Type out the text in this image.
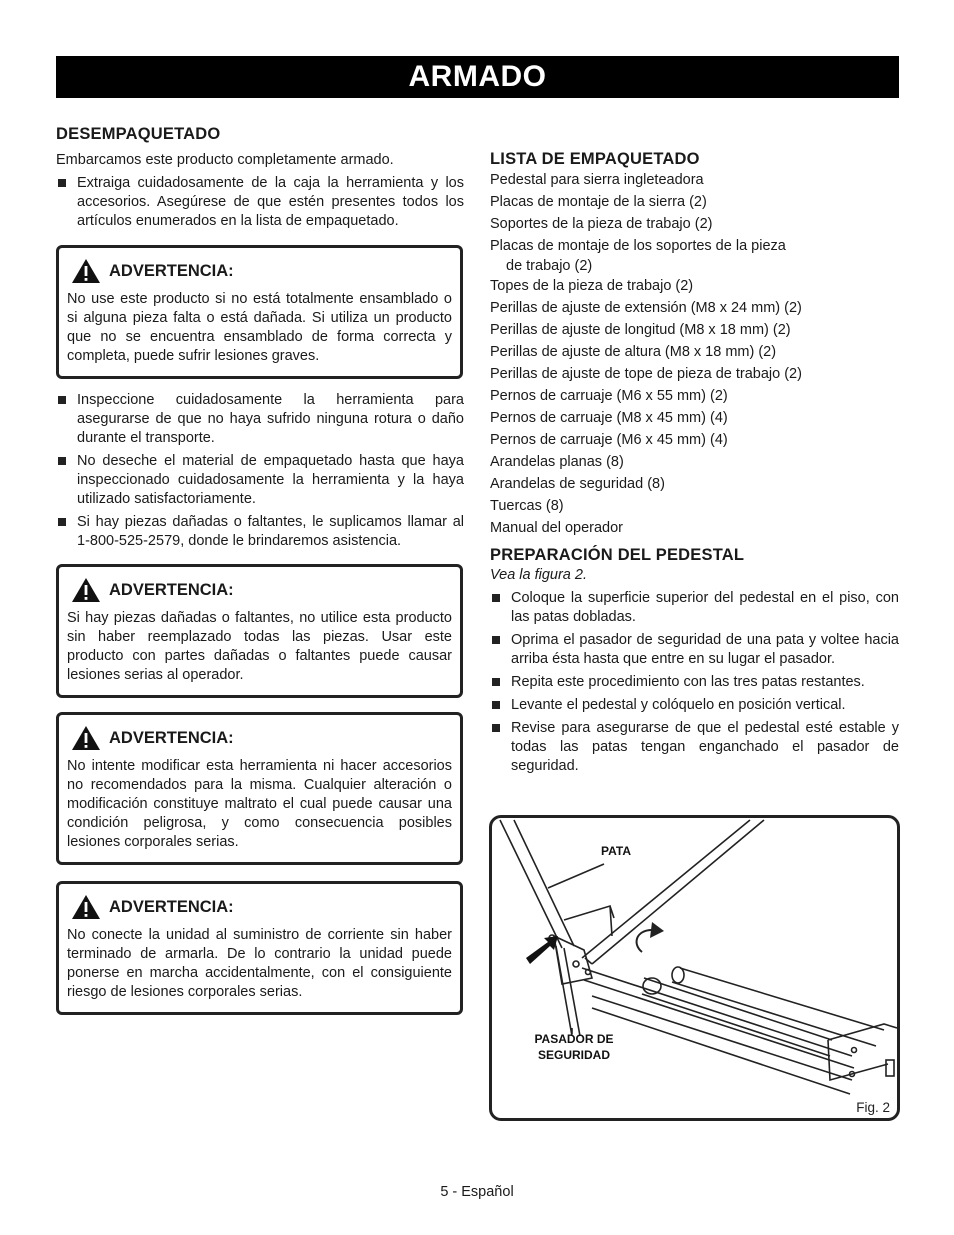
ARMADO
DESEMPAQUETADO

Embarcamos este producto completamente armado.

Extraiga cuidadosamente de la caja la herramienta y los accesorios. Asegúrese de que estén presentes todos los artículos enumerados en la lista de empaquetado.
ADVERTENCIA:
No use este producto si no está totalmente ensamblado o si alguna pieza falta o está dañada. Si utiliza un producto que no se encuentra ensamblado de forma correcta y completa, puede sufrir lesiones graves.
Inspeccione cuidadosamente la herramienta para asegurarse de que no haya sufrido ninguna rotura o daño durante el transporte.
No deseche el material de empaquetado hasta que haya inspeccionado cuidadosamente la herramienta y la haya utilizado satisfactoriamente.
Si hay piezas dañadas o faltantes, le suplicamos llamar al 1-800-525-2579, donde le brindaremos asistencia.
ADVERTENCIA:
Si hay piezas dañadas o faltantes, no utilice esta producto sin haber reemplazado todas las piezas. Usar este producto con partes dañadas o faltantes puede causar lesiones serias al operador.
ADVERTENCIA:
No intente modificar esta herramienta ni hacer accesorios no recomendados para la misma. Cualquier alteración o modificación constituye maltrato el cual puede causar una condición peligrosa, y como consecuencia posibles lesiones corporales serias.
ADVERTENCIA:
No conecte la unidad al suministro de corriente sin haber terminado de armarla. De lo contrario la unidad puede ponerse en marcha accidentalmente, con el consiguiente riesgo de lesiones corporales serias.
LISTA DE EMPAQUETADO

Pedestal para sierra ingleteadora

Placas de montaje de la sierra (2)

Soportes de la pieza de trabajo (2)

Placas de montaje de los soportes de la pieza

de trabajo (2)

Topes de la pieza de trabajo (2)

Perillas de ajuste de extensión (M8 x 24 mm) (2)

Perillas de ajuste de longitud (M8 x 18 mm) (2)

Perillas de ajuste de altura (M8 x 18 mm) (2)

Perillas de ajuste de tope de pieza de trabajo (2)

Pernos de carruaje (M6 x 55 mm) (2)

Pernos de carruaje (M8 x 45 mm) (4)

Pernos de carruaje (M6 x 45 mm) (4)

Arandelas planas (8)

Arandelas de seguridad (8)

Tuercas (8)

Manual del operador

PREPARACIÓN DEL PEDESTAL

Vea la figura 2.

Coloque la superficie superior del pedestal en el piso, con las patas dobladas.
Oprima el pasador de seguridad de una pata y voltee hacia arriba ésta hasta que entre en su lugar el pasador.
Repita este procedimiento con las tres patas restantes.
Levante el pedestal y colóquelo en posición vertical.
Revise para asegurarse de que el pedestal esté estable y todas las patas tengan enganchado el pasador de seguridad.
PATA
PASADOR DE
SEGURIDAD
Fig. 2
5 - Español
